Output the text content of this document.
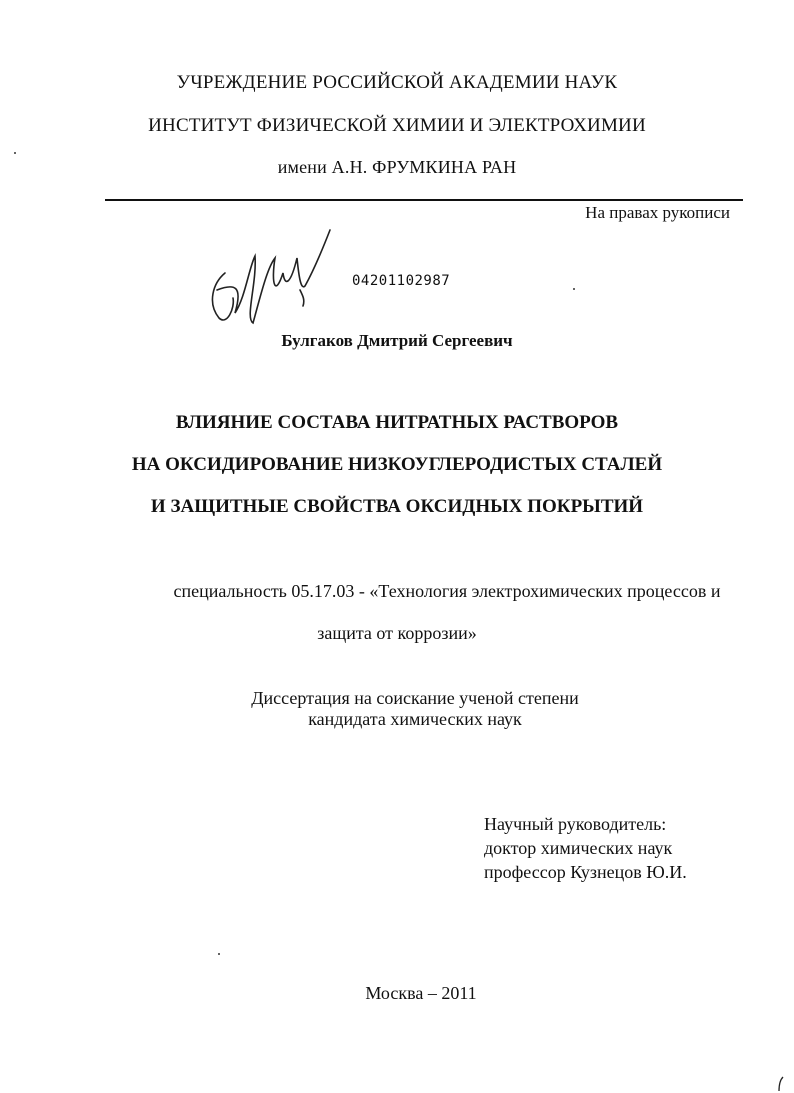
УЧРЕЖДЕНИЕ РОССИЙСКОЙ АКАДЕМИИ НАУК
ИНСТИТУТ ФИЗИЧЕСКОЙ ХИМИИ И ЭЛЕКТРОХИМИИ
имени А.Н. ФРУМКИНА РАН
На правах рукописи
04201102987
Булгаков Дмитрий Сергеевич
ВЛИЯНИЕ СОСТАВА НИТРАТНЫХ РАСТВОРОВ
НА ОКСИДИРОВАНИЕ НИЗКОУГЛЕРОДИСТЫХ СТАЛЕЙ
И ЗАЩИТНЫЕ СВОЙСТВА ОКСИДНЫХ ПОКРЫТИЙ
специальность 05.17.03 - «Технология электрохимических процессов и
защита от коррозии»
Диссертация на соискание ученой степени
кандидата химических наук
Научный руководитель:
доктор химических наук
профессор Кузнецов Ю.И.
Москва – 2011
